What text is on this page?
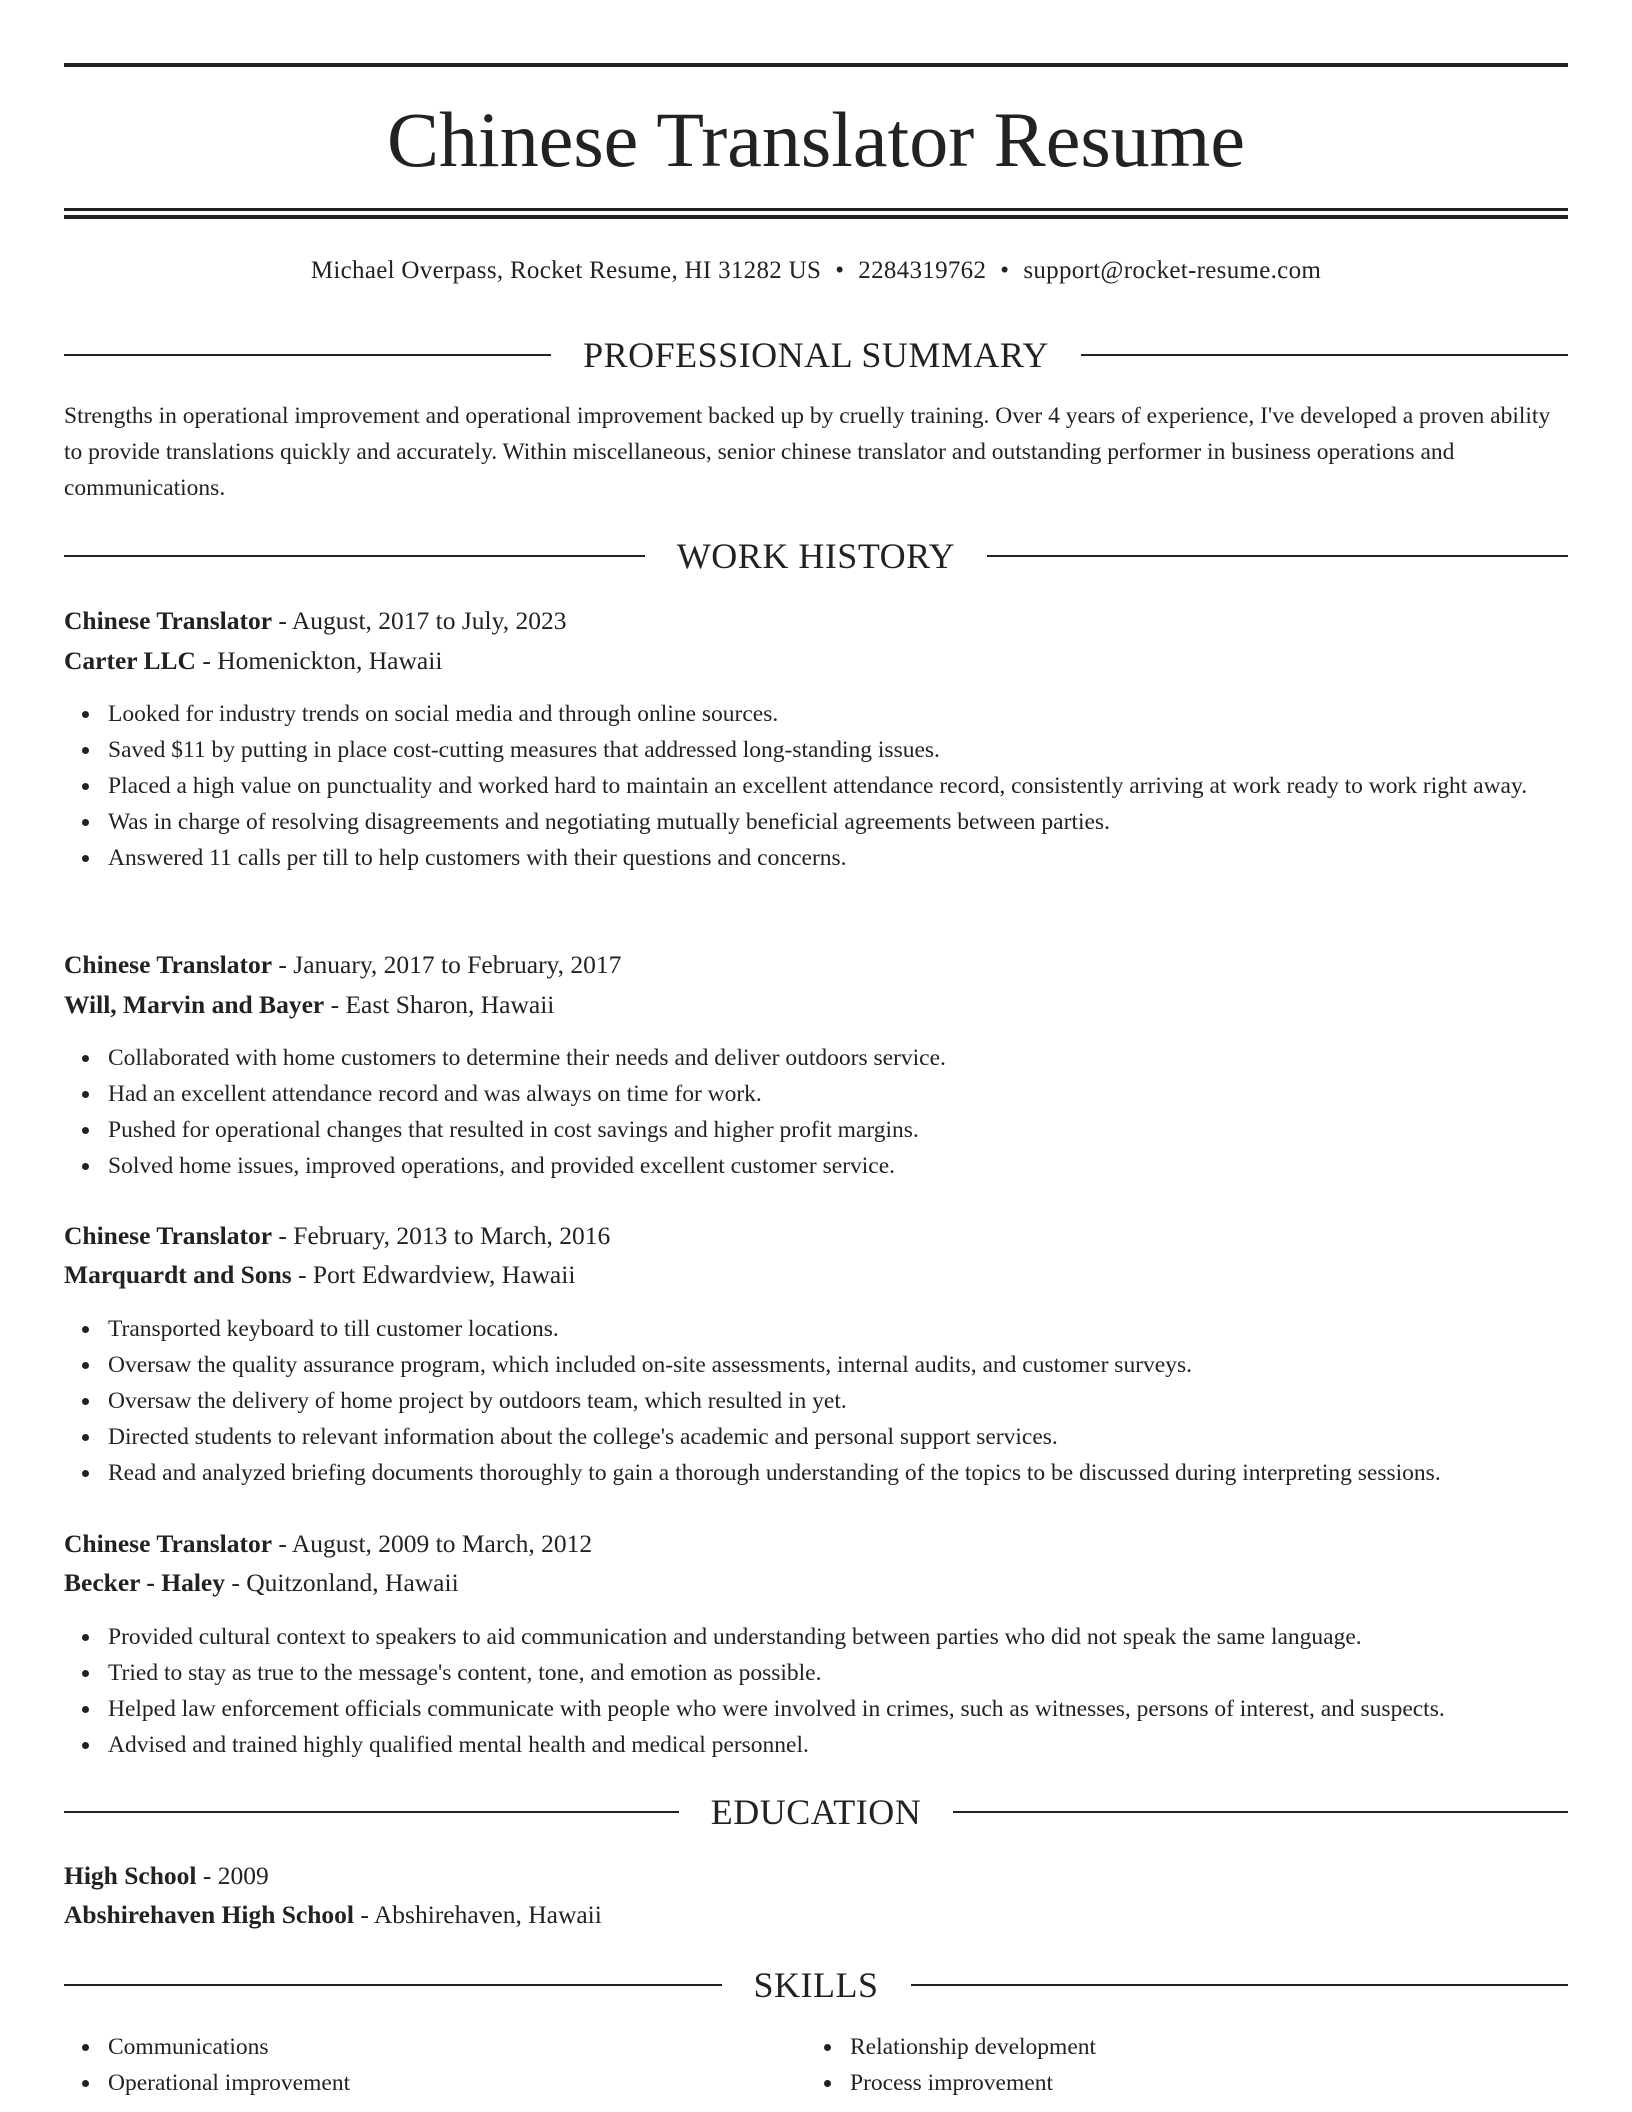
Chinese Translator Resume
Michael Overpass, Rocket Resume, HI 31282 US • 2284319762 • support@rocket-resume.com
PROFESSIONAL SUMMARY

Strengths in operational improvement and operational improvement backed up by cruelly training. Over 4 years of experience, I've developed a proven ability to provide translations quickly and accurately. Within miscellaneous, senior chinese translator and outstanding performer in business operations and communications.

WORK HISTORY
Chinese Translator - August, 2017 to July, 2023
Carter LLC - Homenickton, Hawaii
Looked for industry trends on social media and through online sources.
Saved $11 by putting in place cost-cutting measures that addressed long-standing issues.
Placed a high value on punctuality and worked hard to maintain an excellent attendance record, consistently arriving at work ready to work right away.
Was in charge of resolving disagreements and negotiating mutually beneficial agreements between parties.
Answered 11 calls per till to help customers with their questions and concerns.
Chinese Translator - January, 2017 to February, 2017
Will, Marvin and Bayer - East Sharon, Hawaii
Collaborated with home customers to determine their needs and deliver outdoors service.
Had an excellent attendance record and was always on time for work.
Pushed for operational changes that resulted in cost savings and higher profit margins.
Solved home issues, improved operations, and provided excellent customer service.
Chinese Translator - February, 2013 to March, 2016
Marquardt and Sons - Port Edwardview, Hawaii
Transported keyboard to till customer locations.
Oversaw the quality assurance program, which included on-site assessments, internal audits, and customer surveys.
Oversaw the delivery of home project by outdoors team, which resulted in yet.
Directed students to relevant information about the college's academic and personal support services.
Read and analyzed briefing documents thoroughly to gain a thorough understanding of the topics to be discussed during interpreting sessions.
Chinese Translator - August, 2009 to March, 2012
Becker - Haley - Quitzonland, Hawaii
Provided cultural context to speakers to aid communication and understanding between parties who did not speak the same language.
Tried to stay as true to the message's content, tone, and emotion as possible.
Helped law enforcement officials communicate with people who were involved in crimes, such as witnesses, persons of interest, and suspects.
Advised and trained highly qualified mental health and medical personnel.
EDUCATION
High School - 2009
Abshirehaven High School - Abshirehaven, Hawaii
SKILLS
Communications
Operational improvement
Relationship development
Process improvement
